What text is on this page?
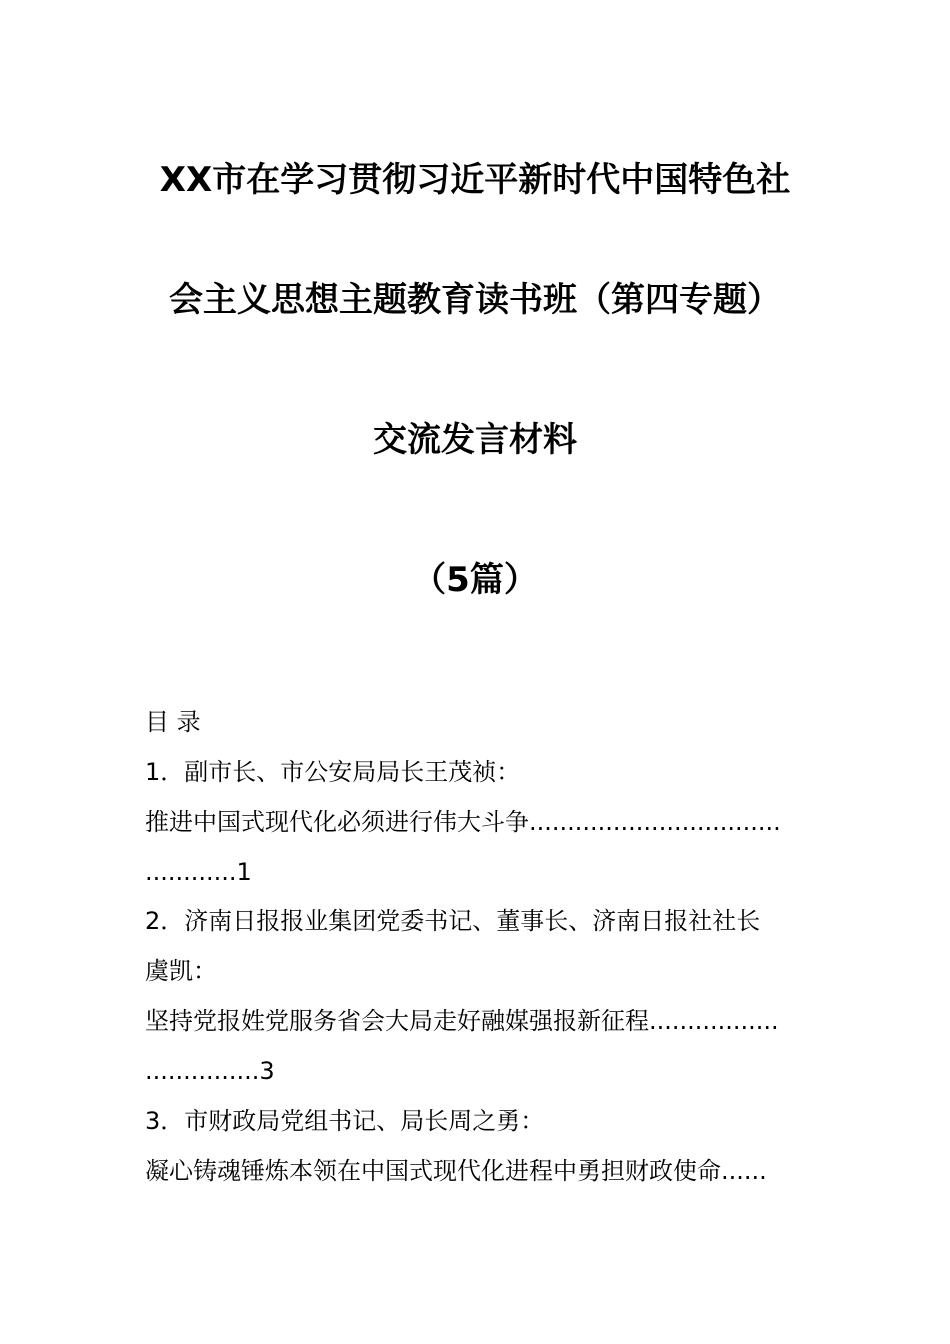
XX市在学习贯彻习近平新时代中国特色社
会主义思想主题教育读书班（第四专题）
交流发言材料
（5篇）
目 录
1．副市长、市公安局局长王茂祯：
推进中国式现代化必须进行伟大斗争.................................
............1
2．济南日报报业集团党委书记、董事长、济南日报社社长
虞凯：
坚持党报姓党服务省会大局走好融媒强报新征程.................
...............3
3．市财政局党组书记、局长周之勇：
凝心铸魂锤炼本领在中国式现代化进程中勇担财政使命......
